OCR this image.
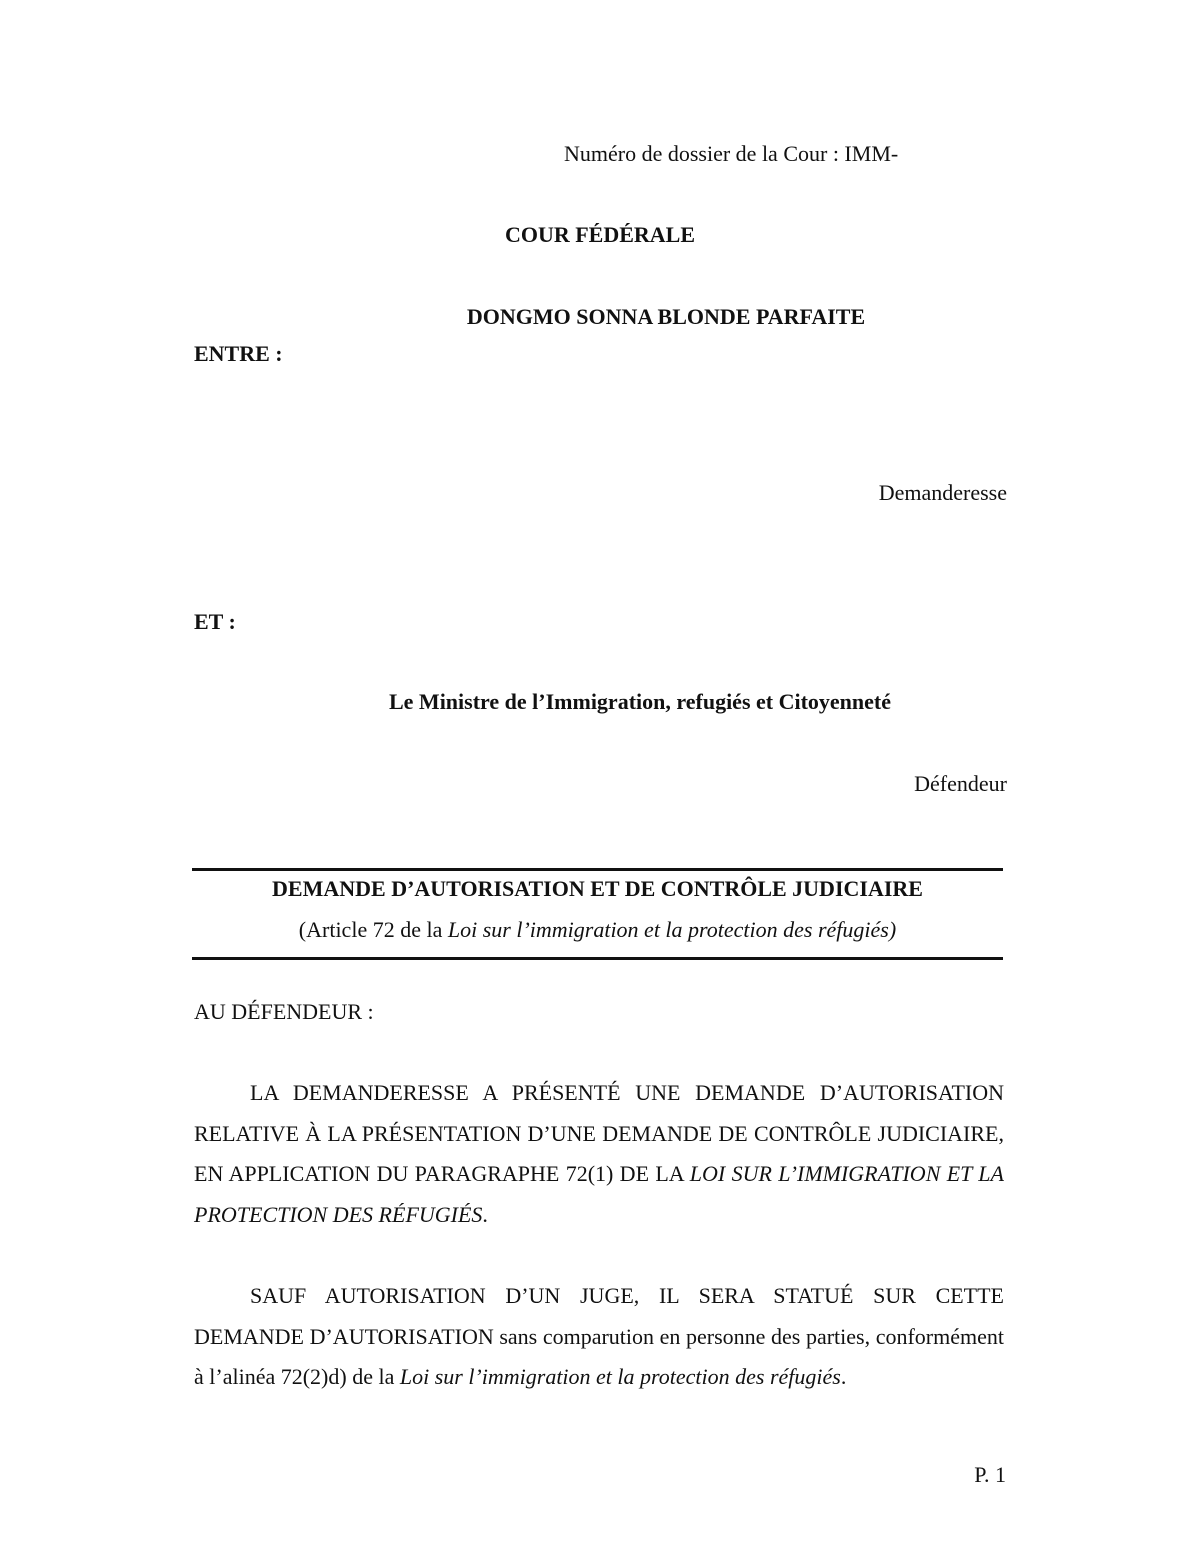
Numéro de dossier de la Cour : IMM-
COUR FÉDÉRALE
DONGMO SONNA BLONDE PARFAITE
ENTRE :
Demanderesse
ET :
Le Ministre de l’Immigration, refugiés et Citoyenneté
Défendeur
DEMANDE D’AUTORISATION ET DE CONTRÔLE JUDICIAIRE
(Article 72 de la Loi sur l’immigration et la protection des réfugiés)
AU DÉFENDEUR :
LA DEMANDERESSE A PRÉSENTÉ UNE DEMANDE D’AUTORISATION RELATIVE À LA PRÉSENTATION D’UNE DEMANDE DE CONTRÔLE JUDICIAIRE, EN APPLICATION DU PARAGRAPHE 72(1) DE LA LOI SUR L’IMMIGRATION ET LA PROTECTION DES RÉFUGIÉS.
SAUF AUTORISATION D’UN JUGE, IL SERA STATUÉ SUR CETTE DEMANDE D’AUTORISATION sans comparution en personne des parties, conformément à l’alinéa 72(2)d) de la Loi sur l’immigration et la protection des réfugiés.
P. 1
